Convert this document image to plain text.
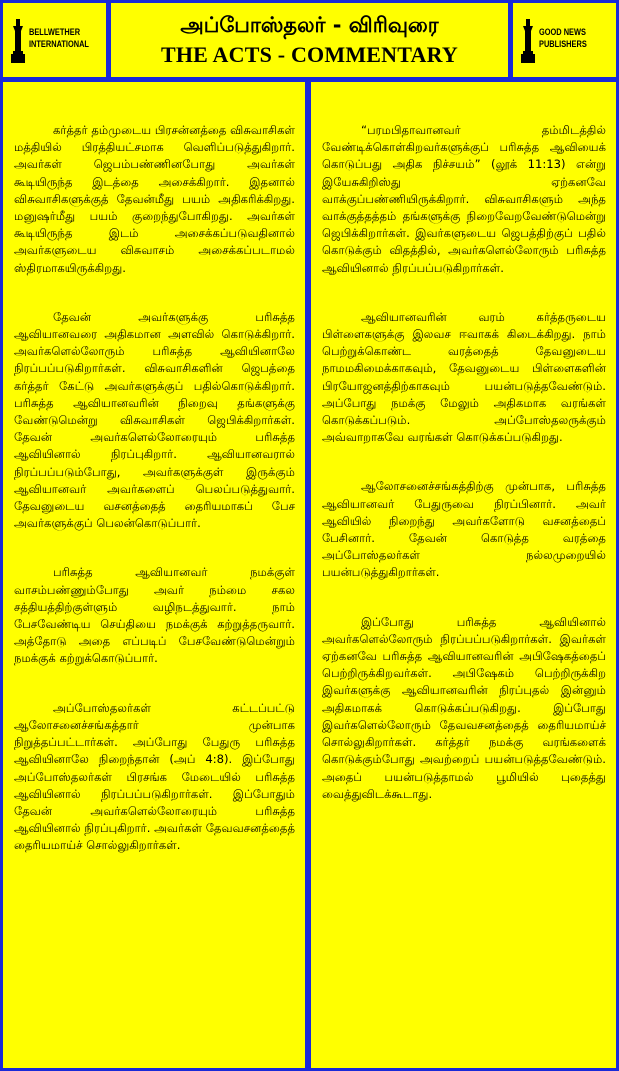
BELLWETHER
INTERNATIONAL
அப்போஸ்தலர் - விரிவுரை
THE ACTS - COMMENTARY
GOOD NEWS
PUBLISHERS

கர்த்தர் தம்முடைய பிரசன்னத்தை விசுவாசிகள் மத்தியில் பிரத்தியட்சமாக வெளிப்படுத்துகிறார். அவர்கள் ஜெபம்பண்ணினபோது அவர்கள் கூடியிருந்த இடத்தை அசைக்கிறார். இதனால் விசுவாசிகளுக்குத் தேவன்மீது பயம் அதிகரிக்கிறது. மனுஷர்மீது பயம் குறைந்துபோகிறது. அவர்கள் கூடியிருந்த இடம் அசைக்கப்படுவதினால் அவர்களுடைய விசுவாசம் அசைக்கப்படாமல் ஸ்திரமாகயிருக்கிறது.

தேவன் அவர்களுக்கு பரிசுத்த ஆவியானவரை அதிகமான அளவில் கொடுக்கிறார். அவர்களெல்லோரும் பரிசுத்த ஆவியினாலே நிரப்பப்படுகிறார்கள். விசுவாசிகளின் ஜெபத்தை கர்த்தர் கேட்டு அவர்களுக்குப் பதில்கொடுக்கிறார். பரிசுத்த ஆவியானவரின் நிறைவு தங்களுக்கு வேண்டுமென்று விசுவாசிகள் ஜெபிக்கிறார்கள். தேவன் அவர்களெல்லோரையும் பரிசுத்த ஆவியினால் நிரப்புகிறார். ஆவியானவரால் நிரப்பப்படும்போது, அவர்களுக்குள் இருக்கும் ஆவியானவர் அவர்களைப் பெலப்படுத்துவார். தேவனுடைய வசனத்தைத் தைரியமாகப் பேச அவர்களுக்குப் பெலன்கொடுப்பார்.

பரிசுத்த ஆவியானவர் நமக்குள் வாசம்பண்ணும்போது அவர் நம்மை சகல சத்தியத்திற்குள்ளும் வழிநடத்துவார். நாம் பேசவேண்டிய செய்தியை நமக்குக் கற்றுத்தருவார். அத்தோடு அதை எப்படிப் பேசவேண்டுமென்றும் நமக்குக் கற்றுக்கொடுப்பார்.

அப்போஸ்தலர்கள் கட்டப்பட்டு ஆலோசனைச்சங்கத்தார் முன்பாக நிறுத்தப்பட்டார்கள். அப்போது பேதுரு பரிசுத்த ஆவியினாலே நிறைந்தான் (அப் 4:8). இப்போது அப்போஸ்தலர்கள் பிரசங்க மேடையில் பரிசுத்த ஆவியினால் நிரப்பப்படுகிறார்கள். இப்போதும் தேவன் அவர்களெல்லோரையும் பரிசுத்த ஆவியினால் நிரப்புகிறார். அவர்கள் தேவவசனத்தைத் தைரியமாய்ச் சொல்லுகிறார்கள்.

“பரமபிதாவானவர் தம்மிடத்தில் வேண்டிக்கொள்கிறவர்களுக்குப் பரிசுத்த ஆவியைக் கொடுப்பது அதிக நிச்சயம்” (லூக் 11:13) என்று இயேசுகிறிஸ்து ஏற்கனவே வாக்குப்பண்ணியிருக்கிறார். விசுவாசிகளும் அந்த வாக்குத்தத்தம் தங்களுக்கு நிறைவேறவேண்டுமென்று ஜெபிக்கிறார்கள். இவர்களுடைய ஜெபத்திற்குப் பதில் கொடுக்கும் விதத்தில், அவர்களெல்லோரும் பரிசுத்த ஆவியினால் நிரப்பப்படுகிறார்கள்.

ஆவியானவரின் வரம் கர்த்தருடைய பிள்ளைகளுக்கு இலவச ஈவாகக் கிடைக்கிறது. நாம் பெற்றுக்கொண்ட வரத்தைத் தேவனுடைய நாமமகிமைக்காகவும், தேவனுடைய பிள்ளைகளின் பிரயோஜனத்திற்காகவும் பயன்படுத்தவேண்டும். அப்போது நமக்கு மேலும் அதிகமாக வரங்கள் கொடுக்கப்படும். அப்போஸ்தலருக்கும் அவ்வாறாகவே வரங்கள் கொடுக்கப்படுகிறது.

ஆலோசனைச்சங்கத்திற்கு முன்பாக, பரிசுத்த ஆவியானவர் பேதுருவை நிரப்பினார். அவர் ஆவியில் நிறைந்து அவர்களோடு வசனத்தைப் பேசினார். தேவன் கொடுத்த வரத்தை அப்போஸ்தலர்கள் நல்லமுறையில் பயன்படுத்துகிறார்கள்.

இப்போது பரிசுத்த ஆவியினால் அவர்களெல்லோரும் நிரப்பப்படுகிறார்கள். இவர்கள் ஏற்கனவே பரிசுத்த ஆவியானவரின் அபிஷேகத்தைப் பெற்றிருக்கிறவர்கள். அபிஷேகம் பெற்றிருக்கிற இவர்களுக்கு ஆவியானவரின் நிரப்புதல் இன்னும் அதிகமாகக் கொடுக்கப்படுகிறது. இப்போது இவர்களெல்லோரும் தேவவசனத்தைத் தைரியமாய்ச் சொல்லுகிறார்கள். கர்த்தர் நமக்கு வரங்களைக் கொடுக்கும்போது அவற்றைப் பயன்படுத்தவேண்டும். அதைப் பயன்படுத்தாமல் பூமியில் புதைத்து வைத்துவிடக்கூடாது.
